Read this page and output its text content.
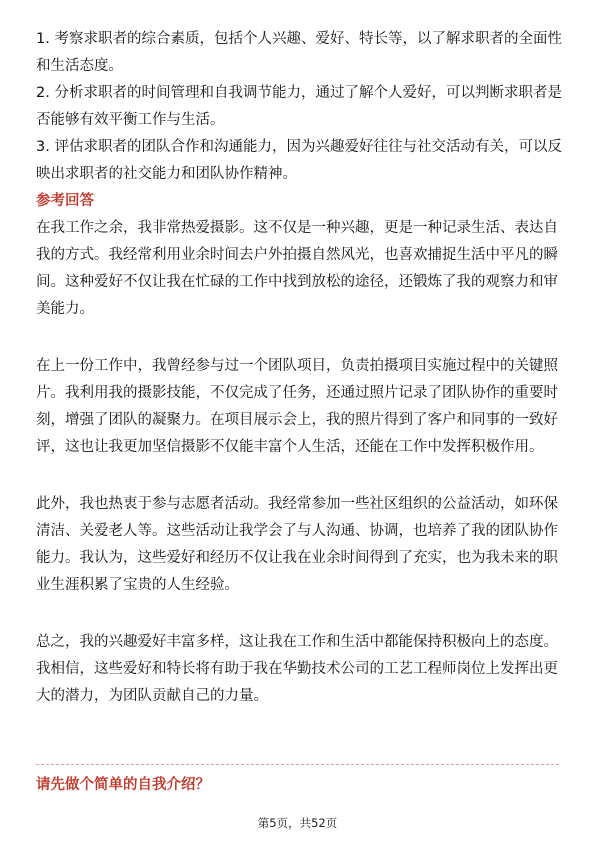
1. 考察求职者的综合素质，包括个人兴趣、爱好、特长等，以了解求职者的全面性
和生活态度。
2. 分析求职者的时间管理和自我调节能力，通过了解个人爱好，可以判断求职者是
否能够有效平衡工作与生活。
3. 评估求职者的团队合作和沟通能力，因为兴趣爱好往往与社交活动有关，可以反
映出求职者的社交能力和团队协作精神。
参考回答
在我工作之余，我非常热爱摄影。这不仅是一种兴趣，更是一种记录生活、表达自
我的方式。我经常利用业余时间去户外拍摄自然风光，也喜欢捕捉生活中平凡的瞬
间。这种爱好不仅让我在忙碌的工作中找到放松的途径，还锻炼了我的观察力和审
美能力。
在上一份工作中，我曾经参与过一个团队项目，负责拍摄项目实施过程中的关键照
片。我利用我的摄影技能，不仅完成了任务，还通过照片记录了团队协作的重要时
刻，增强了团队的凝聚力。在项目展示会上，我的照片得到了客户和同事的一致好
评，这也让我更加坚信摄影不仅能丰富个人生活，还能在工作中发挥积极作用。
此外，我也热衷于参与志愿者活动。我经常参加一些社区组织的公益活动，如环保
清洁、关爱老人等。这些活动让我学会了与人沟通、协调，也培养了我的团队协作
能力。我认为，这些爱好和经历不仅让我在业余时间得到了充实，也为我未来的职
业生涯积累了宝贵的人生经验。
总之，我的兴趣爱好丰富多样，这让我在工作和生活中都能保持积极向上的态度。
我相信，这些爱好和特长将有助于我在华勤技术公司的工艺工程师岗位上发挥出更
大的潜力，为团队贡献自己的力量。
请先做个简单的自我介绍？
第5页，共52页
